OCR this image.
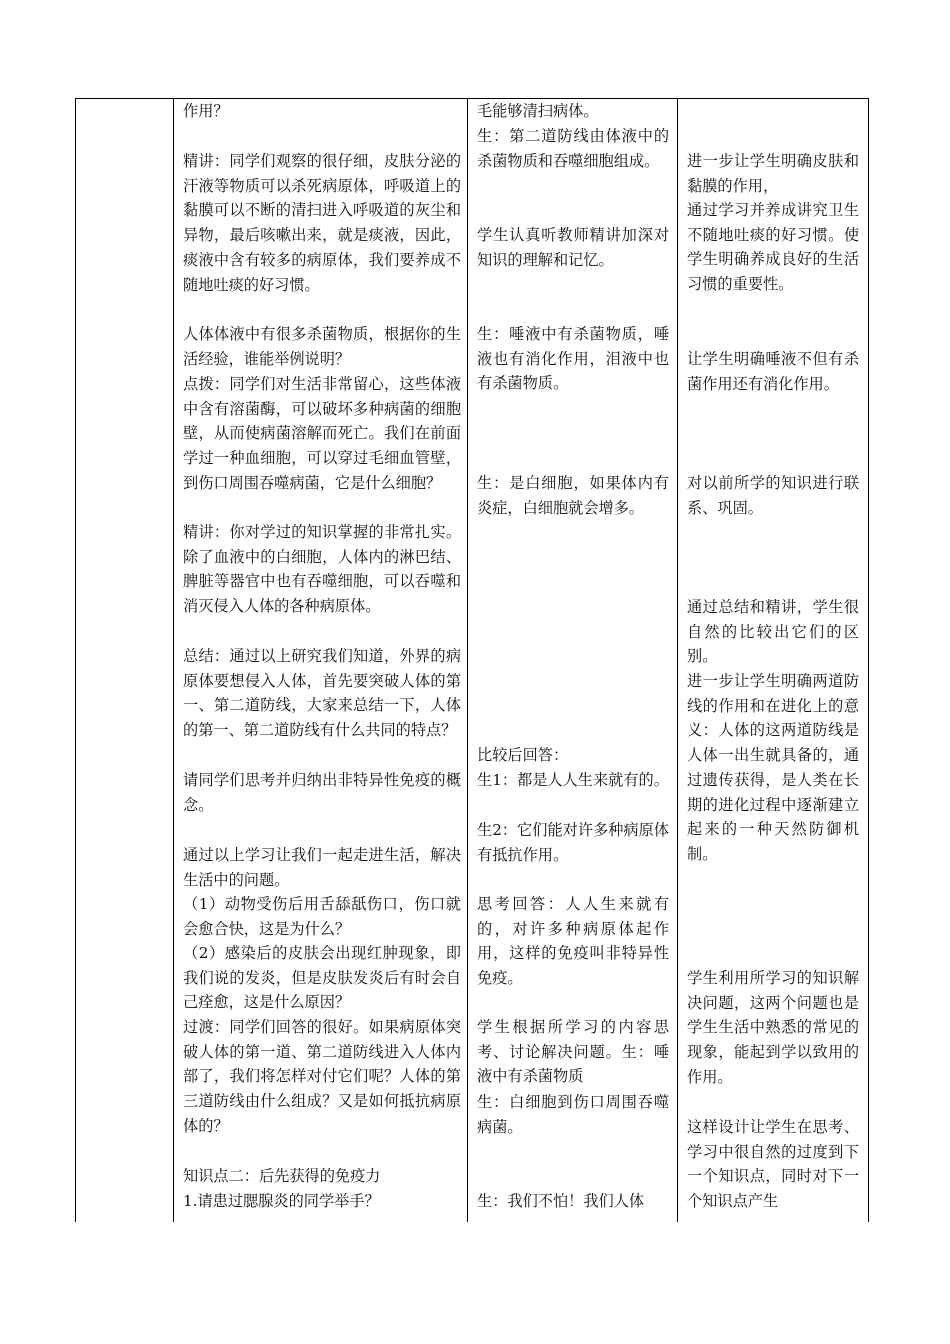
作用？

精讲：同学们观察的很仔细，皮肤分泌的汗液等物质可以杀死病原体，呼吸道上的黏膜可以不断的清扫进入呼吸道的灰尘和异物，最后咳嗽出来，就是痰液，因此，痰液中含有较多的病原体，我们要养成不随地吐痰的好习惯。

人体体液中有很多杀菌物质，根据你的生活经验，谁能举例说明？

点拨：同学们对生活非常留心，这些体液中含有溶菌酶，可以破坏多种病菌的细胞壁，从而使病菌溶解而死亡。我们在前面学过一种血细胞，可以穿过毛细血管壁，到伤口周围吞噬病菌，它是什么细胞？

精讲：你对学过的知识掌握的非常扎实。除了血液中的白细胞，人体内的淋巴结、脾脏等器官中也有吞噬细胞，可以吞噬和消灭侵入人体的各种病原体。

总结：通过以上研究我们知道，外界的病原体要想侵入人体，首先要突破人体的第一、第二道防线，大家来总结一下，人体的第一、第二道防线有什么共同的特点？

请同学们思考并归纳出非特异性免疫的概念。

通过以上学习让我们一起走进生活，解决生活中的问题。

（1）动物受伤后用舌舔舐伤口，伤口就会愈合快，这是为什么？

（2）感染后的皮肤会出现红肿现象，即我们说的发炎，但是皮肤发炎后有时会自己痊愈，这是什么原因？

过渡：同学们回答的很好。如果病原体突破人体的第一道、第二道防线进入人体内部了，我们将怎样对付它们呢？人体的第三道防线由什么组成？又是如何抵抗病原体的？

知识点二：后先获得的免疫力

1.请患过腮腺炎的同学举手？

毛能够清扫病体。

生：第二道防线由体液中的杀菌物质和吞噬细胞组成。

学生认真听教师精讲加深对知识的理解和记忆。

生：唾液中有杀菌物质，唾液也有消化作用，泪液中也有杀菌物质。

生：是白细胞，如果体内有炎症，白细胞就会增多。

比较后回答：

生1：都是人人生来就有的。

生2：它们能对许多种病原体有抵抗作用。

思考回答：人人生来就有的，对许多种病原体起作用，这样的免疫叫非特异性免疫。

学生根据所学习的内容思考、讨论解决问题。生：唾液中有杀菌物质

生：白细胞到伤口周围吞噬病菌。

生：我们不怕！我们人体

进一步让学生明确皮肤和黏膜的作用，

通过学习并养成讲究卫生不随地吐痰的好习惯。使学生明确养成良好的生活习惯的重要性。

让学生明确唾液不但有杀菌作用还有消化作用。

对以前所学的知识进行联系、巩固。

通过总结和精讲，学生很自然的比较出它们的区别。

进一步让学生明确两道防线的作用和在进化上的意义：人体的这两道防线是人体一出生就具备的，通过遗传获得，是人类在长期的进化过程中逐渐建立起来的一种天然防御机制。

学生利用所学习的知识解决问题，这两个问题也是学生生活中熟悉的常见的现象，能起到学以致用的作用。

这样设计让学生在思考、学习中很自然的过度到下一个知识点，同时对下一个知识点产生
